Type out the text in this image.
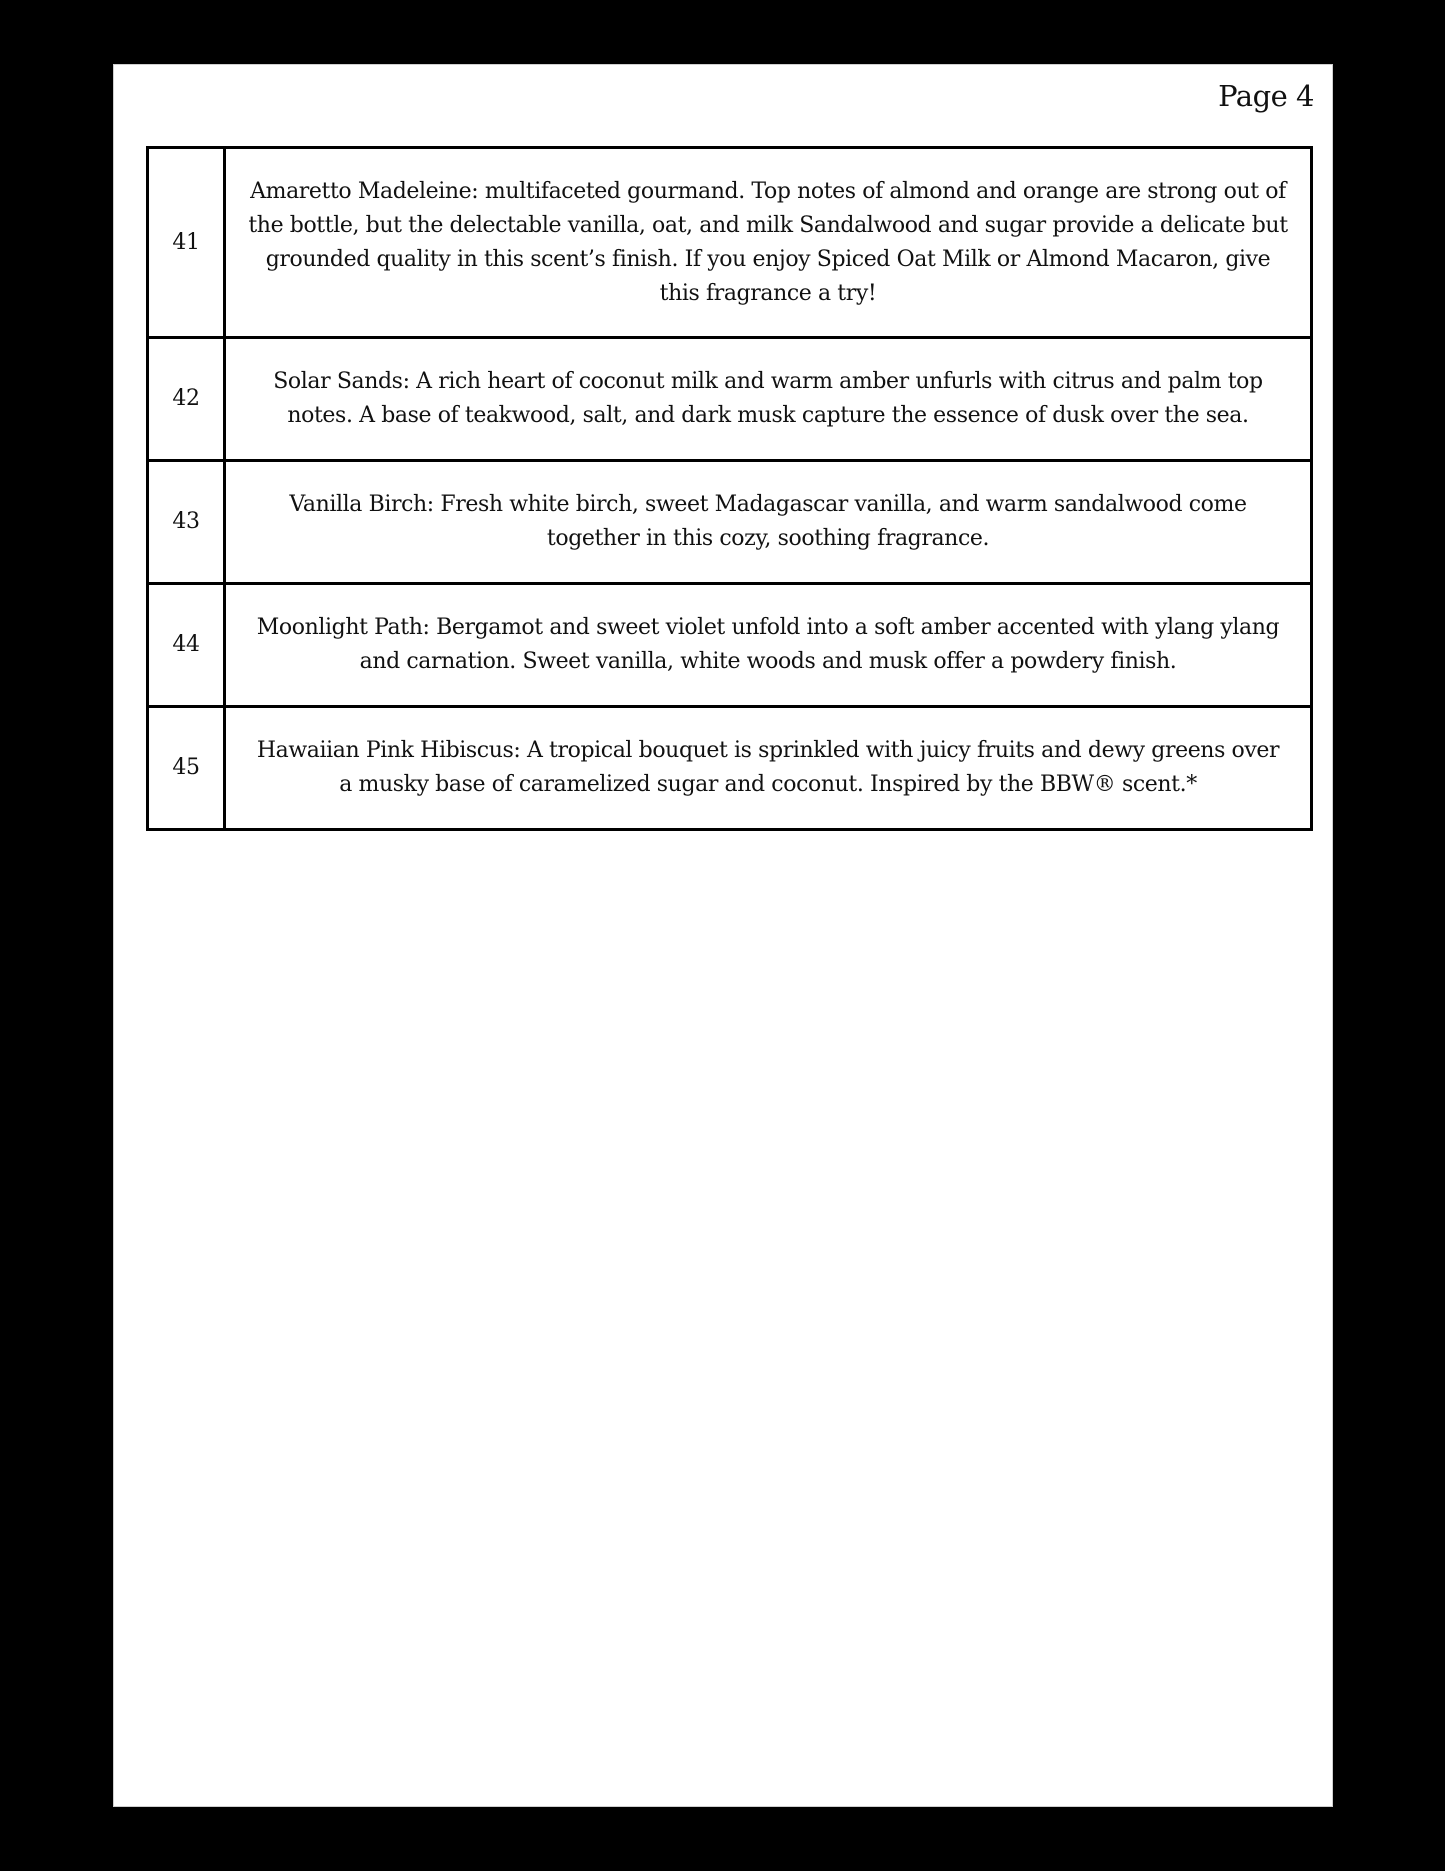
Page 4
41	Amaretto Madeleine: multifaceted gourmand. Top notes of almond and orange are strong out of the bottle, but the delectable vanilla, oat, and milk Sandalwood and sugar provide a delicate but grounded quality in this scent’s finish. If you enjoy Spiced Oat Milk or Almond Macaron, give this fragrance a try!
42	Solar Sands: A rich heart of coconut milk and warm amber unfurls with citrus and palm top notes. A base of teakwood, salt, and dark musk capture the essence of dusk over the sea.
43	Vanilla Birch: Fresh white birch, sweet Madagascar vanilla, and warm sandalwood come together in this cozy, soothing fragrance.
44	Moonlight Path: Bergamot and sweet violet unfold into a soft amber accented with ylang ylang and carnation. Sweet vanilla, white woods and musk offer a powdery finish.
45	Hawaiian Pink Hibiscus: A tropical bouquet is sprinkled with juicy fruits and dewy greens over a musky base of caramelized sugar and coconut. Inspired by the BBW® scent.*
